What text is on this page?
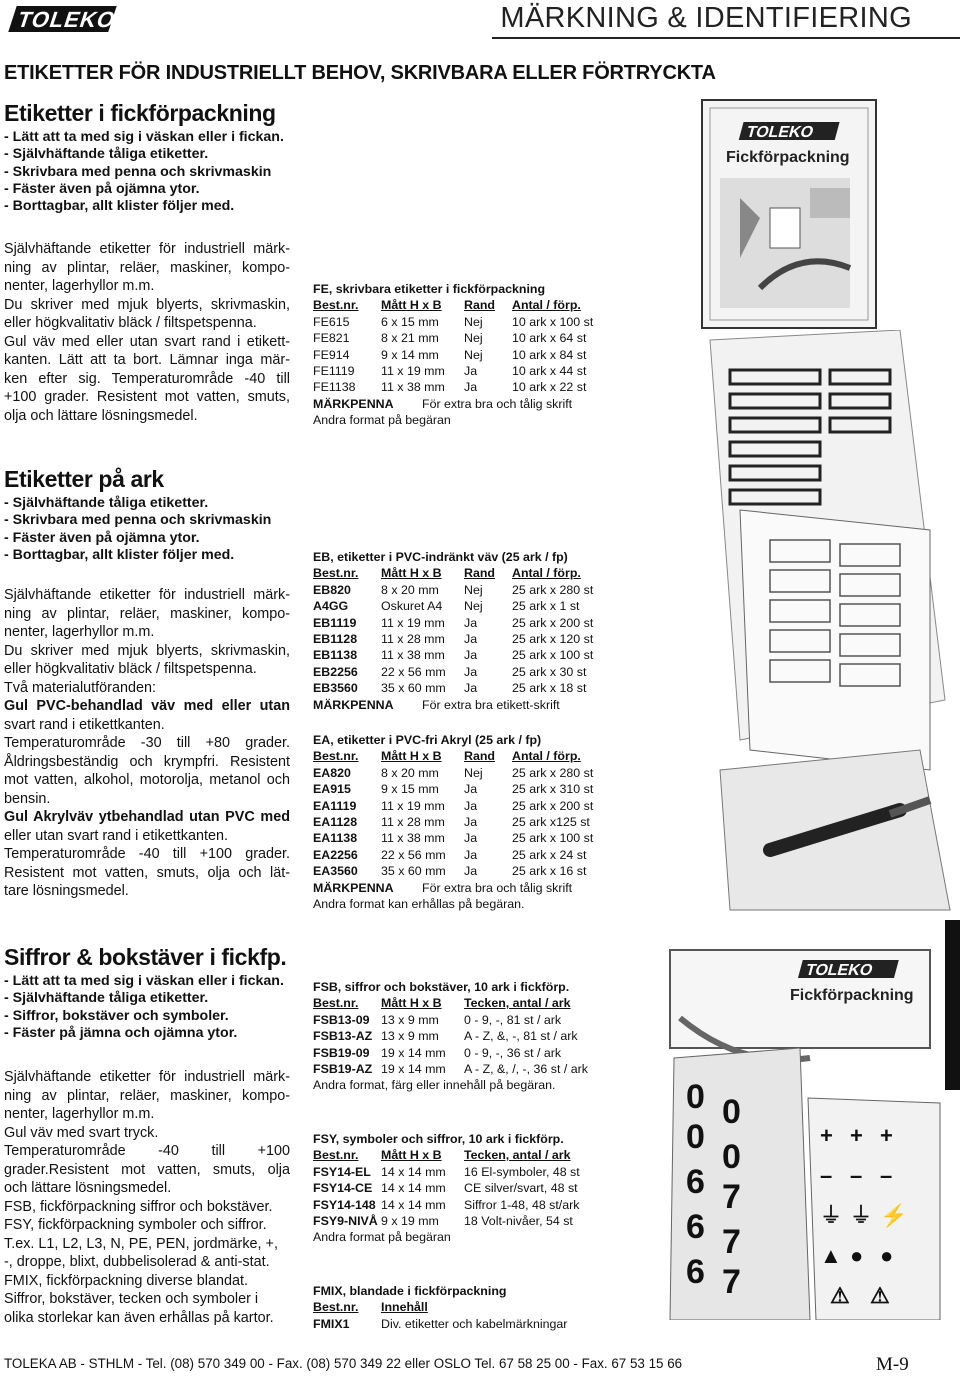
TOLEKO	MÄRKNING & IDENTIFIERING
ETIKETTER FÖR INDUSTRIELLT BEHOV, SKRIVBARA ELLER FÖRTRYCKTA
Etiketter i fickförpackning
- Lätt att ta med sig i väskan eller i fickan.
- Självhäftande tåliga etiketter.
- Skrivbara med penna och skrivmaskin
- Fäster även på ojämna ytor.
- Borttagbar, allt klister följer med.
Självhäftande etiketter för industriell märk-
ning av plintar, reläer, maskiner, kompo-
nenter, lagerhyllor m.m.
Du skriver med mjuk blyerts, skrivmaskin,
eller högkvalitativ bläck / filtspetspenna.
Gul väv med eller utan svart rand i etikett-
kanten. Lätt att ta bort. Lämnar inga mär-
ken efter sig. Temperaturområde -40 till
+100 grader. Resistent mot vatten, smuts,
olja och lättare lösningsmedel.
FE, skrivbara etiketter i fickförpackning
Best.nr.	Mått H x B	Rand	Antal / förp.
FE615	6 x 15 mm	Nej	10 ark x 100 st
FE821	8 x 21 mm	Nej	10 ark x 64 st
FE914	9 x 14 mm	Nej	10 ark x 84 st
FE1119	11 x 19 mm	Ja	10 ark x 44 st
FE1138	11 x 38 mm	Ja	10 ark x 22 st
MÄRKPENNA	För extra bra och tålig skrift
Andra format på begäran
TOLEKO
Fickförpackning
Etiketter på ark
- Självhäftande tåliga etiketter.
- Skrivbara med penna och skrivmaskin
- Fäster även på ojämna ytor.
- Borttagbar, allt klister följer med.
Självhäftande etiketter för industriell märk-
ning av plintar, reläer, maskiner, kompo-
nenter, lagerhyllor m.m.
Du skriver med mjuk blyerts, skrivmaskin,
eller högkvalitativ bläck / filtspetspenna.
Två materialutföranden:
Gul PVC-behandlad väv med eller utan
svart rand i etikettkanten.
Temperaturområde -30 till +80 grader.
Åldringsbeständig och krympfri. Resistent
mot vatten, alkohol, motorolja, metanol och
bensin.
Gul Akrylväv ytbehandlad utan PVC med
eller utan svart rand i etikettkanten.
Temperaturområde -40 till +100 grader.
Resistent mot vatten, smuts, olja och lät-
tare lösningsmedel.
EB, etiketter i PVC-indränkt väv (25 ark / fp)
Best.nr.	Mått H x B	Rand	Antal / förp.
EB820	8 x 20 mm	Nej	25 ark x 280 st
A4GG	Oskuret A4	Nej	25 ark x 1 st
EB1119	11 x 19 mm	Ja	25 ark x 200 st
EB1128	11 x 28 mm	Ja	25 ark x 120 st
EB1138	11 x 38 mm	Ja	25 ark x 100 st
EB2256	22 x 56 mm	Ja	25 ark x 30 st
EB3560	35 x 60 mm	Ja	25 ark x 18 st
MÄRKPENNA	För extra bra etikett-skrift
EA, etiketter i PVC-fri Akryl (25 ark / fp)
Best.nr.	Mått H x B	Rand	Antal / förp.
EA820	8 x 20 mm	Nej	25 ark x 280 st
EA915	9 x 15 mm	Ja	25 ark x 310 st
EA1119	11 x 19 mm	Ja	25 ark x 200 st
EA1128	11 x 28 mm	Ja	25 ark x125 st
EA1138	11 x 38 mm	Ja	25 ark x 100 st
EA2256	22 x 56 mm	Ja	25 ark x 24 st
EA3560	35 x 60 mm	Ja	25 ark x 16 st
MÄRKPENNA	För extra bra och tålig skrift
Andra format kan erhållas på begäran.
Siffror & bokstäver i fickfp.
- Lätt att ta med sig i väskan eller i fickan.
- Självhäftande tåliga etiketter.
- Siffror, bokstäver och symboler.
- Fäster på jämna och ojämna ytor.
Självhäftande etiketter för industriell märk-
ning av plintar, reläer, maskiner, kompo-
nenter, lagerhyllor m.m.
Gul väv med svart tryck.
Temperaturområde -40 till +100
grader.Resistent mot vatten, smuts, olja
och lättare lösningsmedel.
FSB, fickförpackning siffror och bokstäver.
FSY, fickförpackning symboler och siffror.
T.ex. L1, L2, L3, N, PE, PEN, jordmärke, +,
-, droppe, blixt, dubbelisolerad & anti-stat.
FMIX, fickförpackning diverse blandat.
Siffror, bokstäver, tecken och symboler i
olika storlekar kan även erhållas på kartor.
FSB, siffror och bokstäver, 10 ark i fickförp.
Best.nr.	Mått H x B	Tecken, antal / ark
FSB13-09 13 x 9 mm	0 - 9, -, 81 st / ark
FSB13-AZ 13 x 9 mm	A - Z, &, -, 81 st / ark
FSB19-09 19 x 14 mm	0 - 9, -, 36 st / ark
FSB19-AZ 19 x 14 mm	A - Z, &, /, -, 36 st / ark
Andra format, färg eller innehåll på begäran.
FSY, symboler och siffror, 10 ark i fickförp.
Best.nr.	Mått H x B	Tecken, antal / ark
FSY14-EL 14 x 14 mm	16 El-symboler, 48 st
FSY14-CE 14 x 14 mm	CE silver/svart, 48 st
FSY14-148 14 x 14 mm	Siffror 1-48, 48 st/ark
FSY9-NIVÅ 9 x 19 mm	18 Volt-nivåer, 54 st
Andra format på begäran
FMIX, blandade i fickförpackning
Best.nr.	Innehåll
FMIX1	Div. etiketter och kabelmärkningar
TOLEKO
Fickförpackning
0
0
6
6
6
0
0
7
7
7
+ + +
– – –
⏚ ⏚ ⚡
▲ ● ●
⚠ ⚠
TOLEKA AB - STHLM - Tel. (08) 570 349 00 - Fax. (08) 570 349 22 eller OSLO Tel. 67 58 25 00 - Fax. 67 53 15 66	M-9
